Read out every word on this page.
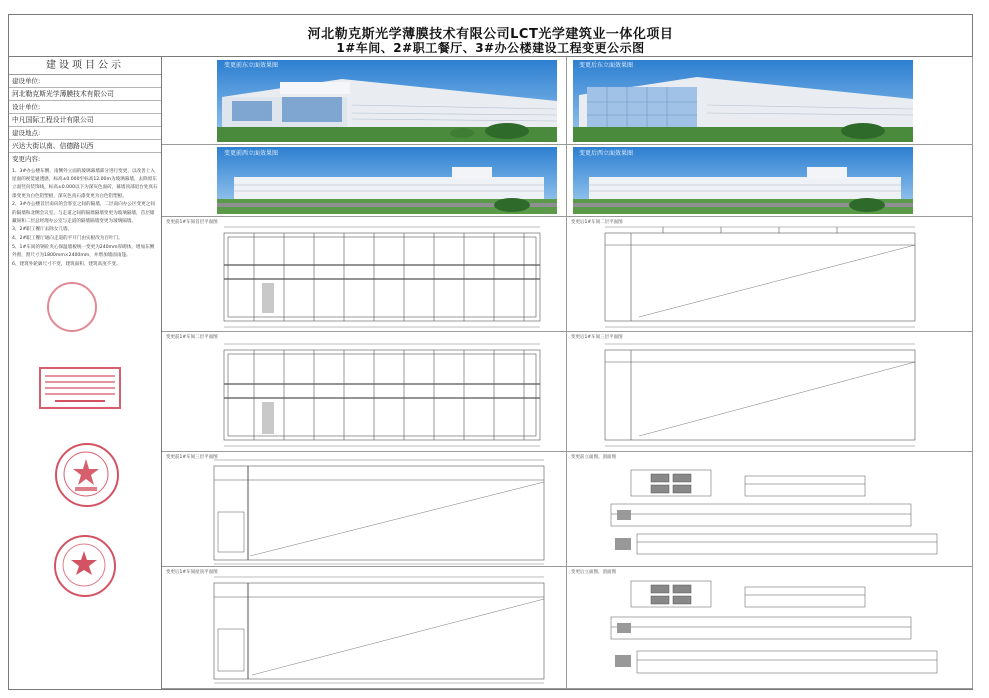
河北勒克斯光学薄膜技术有限公司LCT光学建筑业一体化项目
1#车间、2#职工餐厅、3#办公楼建设工程变更公示图
建设项目公示
建设单位:
河北勒克斯光学薄膜技术有限公司
设计单位:
中凡国际工程设计有限公司
建设地点:
兴达大街以南、信德路以西
变更内容:

1、3#办公楼东侧、南侧外立面的玻璃幕墙部分进行变更，以改善上入屋面的视觉通透感，标高±0.000至标高12.00m为玻璃幕墙，去除原东立面竖向装饰线，标高±0.000以下为深灰色面砖，幕墙顶部退台处真石漆变更为白色铝塑板，深灰色真石漆变更为白色铝塑板。

2、3#办公楼首层南向的会客室之间的隔墙、二层南向办公区变更之间的隔墙和北侧会议室，与走道之间的隔墙隔墙变更为玻璃隔墙，首层储藏间和二层总经理办公室与走道的隔墙隔墙变更为玻璃隔墙。

3、2#职工餐厅去除女儿墙。

4、2#职工餐厅通向走道的平开门由实板改为百叶门。

5、1#车间的钢砼夹心保温墙板统一变更为240mm厚砌体，增加东侧外窗，窗尺寸为1800mm×2400mm，并增加墙面雨篷。

6、建筑外轮廓尺寸不变，建筑面积、建筑高度不变。

变更前东立面效果图	变更后东立面效果图
变更前西立面效果图	变更后西立面效果图
变更前1#车间首层平面图	变更后1#车间二层平面图
变更前1#车间二层平面图	变更后1#车间三层平面图
变更前1#车间三层平面图	变更前立面图、剖面图
变更后1#车间屋顶平面图	变更后立面图、剖面图
